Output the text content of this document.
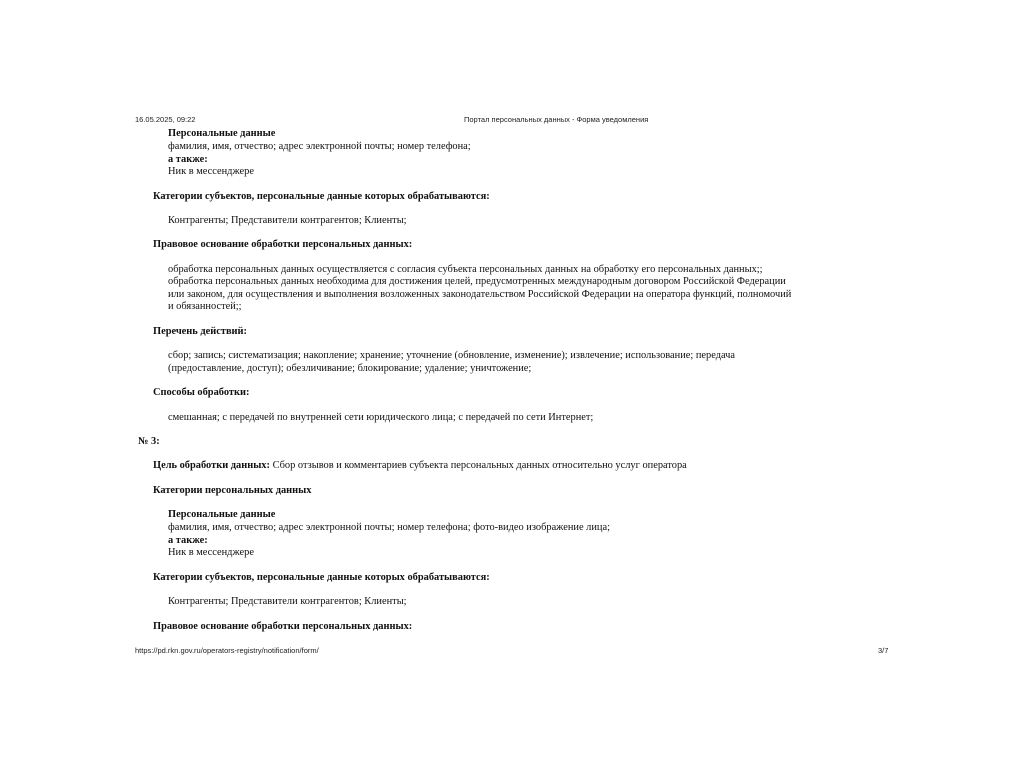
16.05.2025, 09:22	Портал персональных данных - Форма уведомления
Персональные данные
фамилия, имя, отчество; адрес электронной почты; номер телефона;
а также:
Ник в мессенджере
Категории субъектов, персональные данные которых обрабатываются:
Контрагенты; Представители контрагентов; Клиенты;
Правовое основание обработки персональных данных:
обработка персональных данных осуществляется с согласия субъекта персональных данных на обработку его персональных данных;;
обработка персональных данных необходима для достижения целей, предусмотренных международным договором Российской Федерации
или законом, для осуществления и выполнения возложенных законодательством Российской Федерации на оператора функций, полномочий
и обязанностей;;
Перечень действий:
сбор; запись; систематизация; накопление; хранение; уточнение (обновление, изменение); извлечение; использование; передача
(предоставление, доступ); обезличивание; блокирование; удаление; уничтожение;
Способы обработки:
смешанная; с передачей по внутренней сети юридического лица; с передачей по сети Интернет;
№ 3:
Цель обработки данных: Сбор отзывов и комментариев субъекта персональных данных относительно услуг оператора
Категории персональных данных
Персональные данные
фамилия, имя, отчество; адрес электронной почты; номер телефона; фото-видео изображение лица;
а также:
Ник в мессенджере
Категории субъектов, персональные данные которых обрабатываются:
Контрагенты; Представители контрагентов; Клиенты;
Правовое основание обработки персональных данных:
https://pd.rkn.gov.ru/operators-registry/notification/form/	3/7
